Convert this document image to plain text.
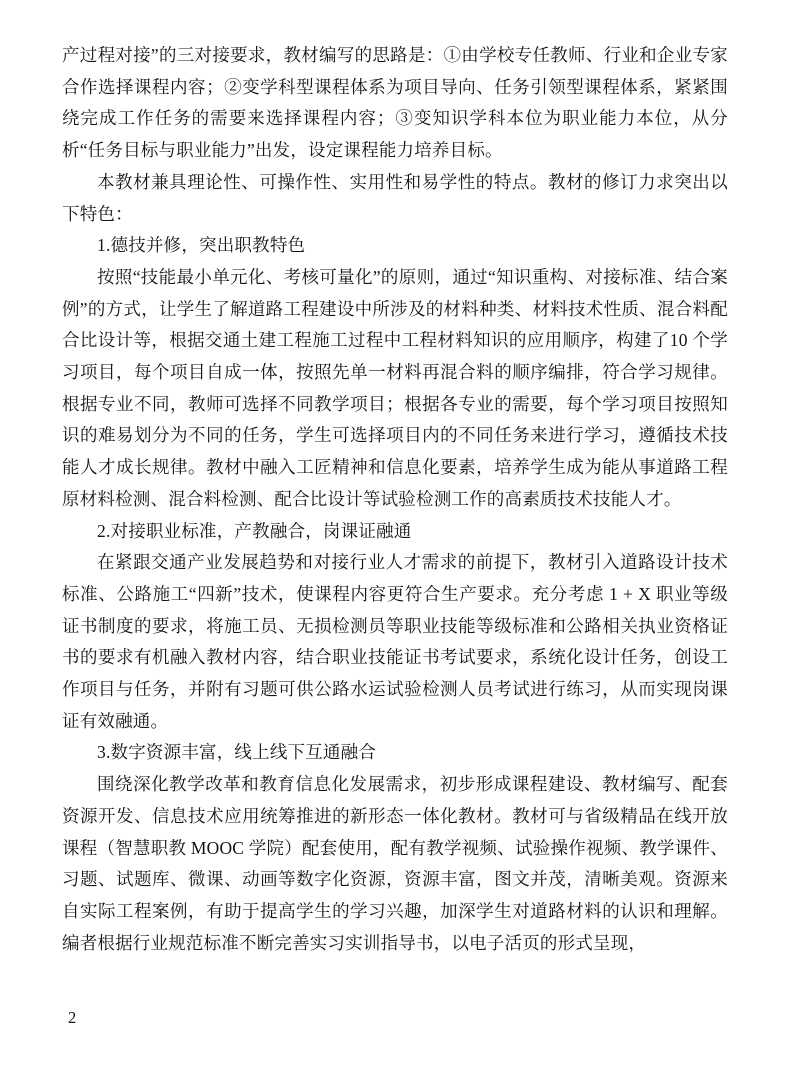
产过程对接”的三对接要求，教材编写的思路是：①由学校专任教师、行业和企业专家合作选择课程内容；②变学科型课程体系为项目导向、任务引领型课程体系，紧紧围绕完成工作任务的需要来选择课程内容；③变知识学科本位为职业能力本位，从分析“任务目标与职业能力”出发，设定课程能力培养目标。

本教材兼具理论性、可操作性、实用性和易学性的特点。教材的修订力求突出以下特色：

1.德技并修，突出职教特色

按照“技能最小单元化、考核可量化”的原则，通过“知识重构、对接标准、结合案例”的方式，让学生了解道路工程建设中所涉及的材料种类、材料技术性质、混合料配合比设计等，根据交通土建工程施工过程中工程材料知识的应用顺序，构建了10 个学习项目，每个项目自成一体，按照先单一材料再混合料的顺序编排，符合学习规律。根据专业不同，教师可选择不同教学项目；根据各专业的需要，每个学习项目按照知识的难易划分为不同的任务，学生可选择项目内的不同任务来进行学习，遵循技术技能人才成长规律。教材中融入工匠精神和信息化要素，培养学生成为能从事道路工程原材料检测、混合料检测、配合比设计等试验检测工作的高素质技术技能人才。

2.对接职业标准，产教融合，岗课证融通

在紧跟交通产业发展趋势和对接行业人才需求的前提下，教材引入道路设计技术标准、公路施工“四新”技术，使课程内容更符合生产要求。充分考虑 1 + X 职业等级证书制度的要求，将施工员、无损检测员等职业技能等级标准和公路相关执业资格证书的要求有机融入教材内容，结合职业技能证书考试要求，系统化设计任务，创设工作项目与任务，并附有习题可供公路水运试验检测人员考试进行练习，从而实现岗课证有效融通。

3.数字资源丰富，线上线下互通融合

围绕深化教学改革和教育信息化发展需求，初步形成课程建设、教材编写、配套资源开发、信息技术应用统筹推进的新形态一体化教材。教材可与省级精品在线开放课程（智慧职教 MOOC 学院）配套使用，配有教学视频、试验操作视频、教学课件、习题、试题库、微课、动画等数字化资源，资源丰富，图文并茂，清晰美观。资源来自实际工程案例，有助于提高学生的学习兴趣，加深学生对道路材料的认识和理解。编者根据行业规范标准不断完善实习实训指导书，以电子活页的形式呈现，

2
